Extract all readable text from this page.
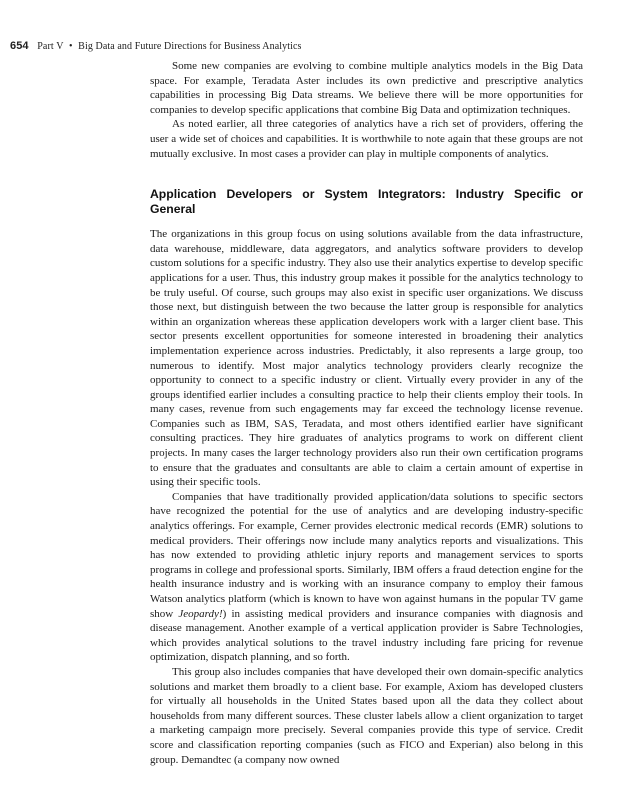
654 Part V • Big Data and Future Directions for Business Analytics

Some new companies are evolving to combine multiple analytics models in the Big Data space. For example, Teradata Aster includes its own predictive and prescriptive analytics capabilities in processing Big Data streams. We believe there will be more opportunities for companies to develop specific applications that combine Big Data and optimization techniques.

As noted earlier, all three categories of analytics have a rich set of providers, offering the user a wide set of choices and capabilities. It is worthwhile to note again that these groups are not mutually exclusive. In most cases a provider can play in multiple components of analytics.

Application Developers or System Integrators: Industry Specific or General

The organizations in this group focus on using solutions available from the data infrastructure, data warehouse, middleware, data aggregators, and analytics software providers to develop custom solutions for a specific industry. They also use their analytics expertise to develop specific applications for a user. Thus, this industry group makes it possible for the analytics technology to be truly useful. Of course, such groups may also exist in specific user organizations. We discuss those next, but distinguish between the two because the latter group is responsible for analytics within an organization whereas these application developers work with a larger client base. This sector presents excellent opportunities for someone interested in broadening their analytics implementation experience across industries. Predictably, it also represents a large group, too numerous to identify. Most major analytics technology providers clearly recognize the opportunity to connect to a specific industry or client. Virtually every provider in any of the groups identified earlier includes a consulting practice to help their clients employ their tools. In many cases, revenue from such engagements may far exceed the technology license revenue. Companies such as IBM, SAS, Teradata, and most others identified earlier have significant consulting practices. They hire graduates of analytics programs to work on different client projects. In many cases the larger technology providers also run their own certification programs to ensure that the graduates and consultants are able to claim a certain amount of expertise in using their specific tools.

Companies that have traditionally provided application/data solutions to specific sectors have recognized the potential for the use of analytics and are developing industry-specific analytics offerings. For example, Cerner provides electronic medical records (EMR) solutions to medical providers. Their offerings now include many analytics reports and visualizations. This has now extended to providing athletic injury reports and management services to sports programs in college and professional sports. Similarly, IBM offers a fraud detection engine for the health insurance industry and is working with an insurance company to employ their famous Watson analytics platform (which is known to have won against humans in the popular TV game show Jeopardy!) in assisting medical providers and insurance companies with diagnosis and disease management. Another example of a vertical application provider is Sabre Technologies, which provides analytical solutions to the travel industry including fare pricing for revenue optimization, dispatch planning, and so forth.

This group also includes companies that have developed their own domain-specific analytics solutions and market them broadly to a client base. For example, Axiom has developed clusters for virtually all households in the United States based upon all the data they collect about households from many different sources. These cluster labels allow a client organization to target a marketing campaign more precisely. Several companies provide this type of service. Credit score and classification reporting companies (such as FICO and Experian) also belong in this group. Demandtec (a company now owned
